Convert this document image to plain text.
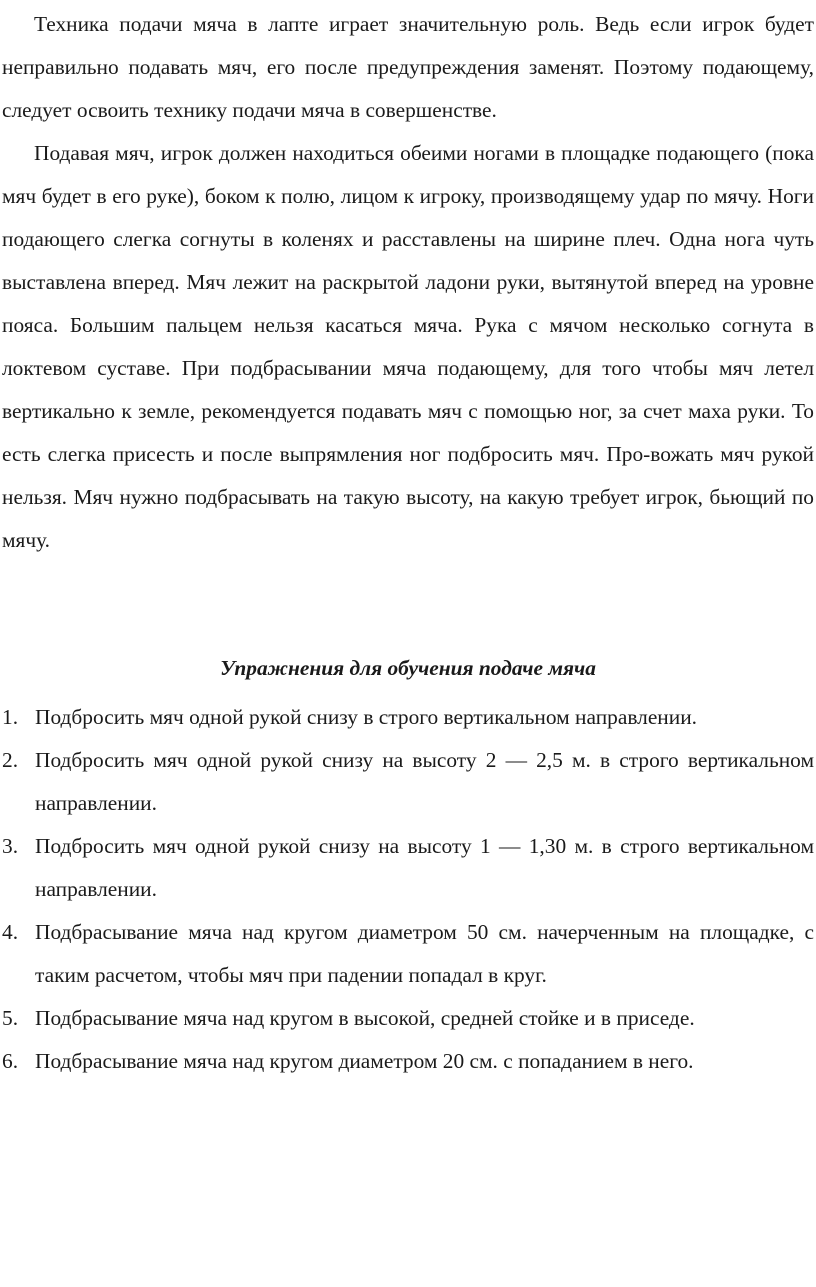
Техника подачи мяча в лапте играет значительную роль. Ведь если игрок будет неправильно подавать мяч, его после предупреждения заменят. Поэтому подающему, следует освоить технику подачи мяча в совершенстве.

Подавая мяч, игрок должен находиться обеими ногами в площадке подающего (пока мяч будет в его руке), боком к полю, лицом к игроку, производящему удар по мячу. Ноги подающего слегка согнуты в коленях и расставлены на ширине плеч. Одна нога чуть выставлена вперед. Мяч лежит на раскрытой ладони руки, вытянутой вперед на уровне пояса. Большим пальцем нельзя касаться мяча. Рука с мячом несколько согнута в локтевом суставе. При подбрасывании мяча подающему, для того чтобы мяч летел вертикально к земле, рекомендуется подавать мяч с помощью ног, за счет маха руки. То есть слегка присесть и после выпрямления ног подбросить мяч. Про-вожать мяч рукой нельзя. Мяч нужно подбрасывать на такую высоту, на какую требует игрок, бьющий по мячу.

Упражнения для обучения подаче мяча

1. Подбросить мяч одной рукой снизу в строго вертикальном направлении.
2. Подбросить мяч одной рукой снизу на высоту 2 — 2,5 м. в строго вертикальном направлении.
3. Подбросить мяч одной рукой снизу на высоту 1 — 1,30 м. в строго вертикальном направлении.
4. Подбрасывание мяча над кругом диаметром 50 см. начерченным на площадке, с таким расчетом, чтобы мяч при падении попадал в круг.
5. Подбрасывание мяча над кругом в высокой, средней стойке и в приседе.
6. Подбрасывание мяча над кругом диаметром 20 см. с попаданием в него.
